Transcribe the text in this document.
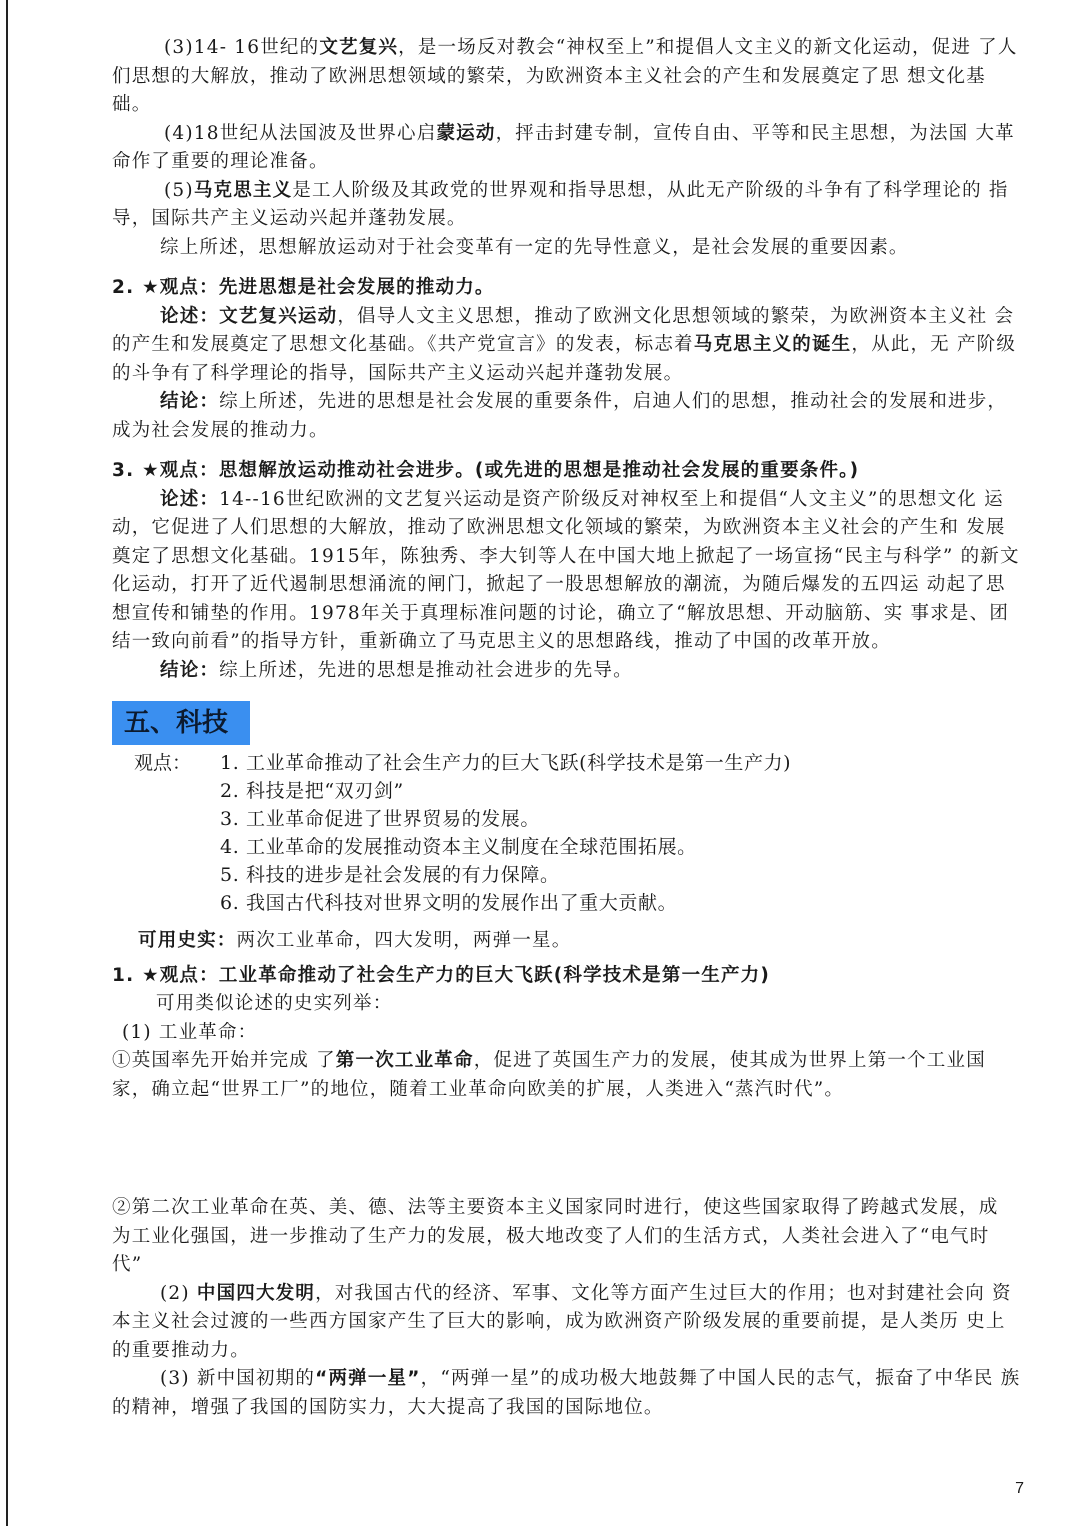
(3)14- 16世纪的文艺复兴，是一场反对教会“神权至上”和提倡人文主义的新文化运动，促进 了人们思想的大解放，推动了欧洲思想领域的繁荣，为欧洲资本主义社会的产生和发展奠定了思 想文化基础。

(4)18世纪从法国波及世界心启蒙运动，抨击封建专制，宣传自由、平等和民主思想，为法国 大革命作了重要的理论准备。

(5)马克思主义是工人阶级及其政党的世界观和指导思想，从此无产阶级的斗争有了科学理论的 指导，国际共产主义运动兴起并蓬勃发展。

综上所述，思想解放运动对于社会变革有一定的先导性意义，是社会发展的重要因素。

2. ★观点：先进思想是社会发展的推动力。

论述：文艺复兴运动，倡导人文主义思想，推动了欧洲文化思想领域的繁荣，为欧洲资本主义社 会的产生和发展奠定了思想文化基础。《共产党宣言》的发表，标志着马克思主义的诞生，从此，无 产阶级的斗争有了科学理论的指导，国际共产主义运动兴起并蓬勃发展。

结论：综上所述，先进的思想是社会发展的重要条件，启迪人们的思想，推动社会的发展和进步， 成为社会发展的推动力。

3. ★观点：思想解放运动推动社会进步。(或先进的思想是推动社会发展的重要条件。)

论述：14--16世纪欧洲的文艺复兴运动是资产阶级反对神权至上和提倡“人文主义”的思想文化 运动，它促进了人们思想的大解放，推动了欧洲思想文化领域的繁荣，为欧洲资本主义社会的产生和 发展奠定了思想文化基础。1915年，陈独秀、李大钊等人在中国大地上掀起了一场宣扬“民主与科学” 的新文化运动，打开了近代遏制思想涌流的闸门，掀起了一股思想解放的潮流，为随后爆发的五四运 动起了思想宣传和铺垫的作用。1978年关于真理标准问题的讨论，确立了“解放思想、开动脑筋、实 事求是、团结一致向前看”的指导方针，重新确立了马克思主义的思想路线，推动了中国的改革开放。

结论：综上所述，先进的思想是推动社会进步的先导。

五、科技
观点：	1. 工业革命推动了社会生产力的巨大飞跃(科学技术是第一生产力)
2. 科技是把“双刃剑”
3. 工业革命促进了世界贸易的发展。
4. 工业革命的发展推动资本主义制度在全球范围拓展。
5. 科技的进步是社会发展的有力保障。
6. 我国古代科技对世界文明的发展作出了重大贡献。

可用史实：两次工业革命，四大发明，两弹一星。

1. ★观点：工业革命推动了社会生产力的巨大飞跃(科学技术是第一生产力)

可用类似论述的史实列举：

(1) 工业革命：

①英国率先开始并完成 了第一次工业革命，促进了英国生产力的发展，使其成为世界上第一个工业国 家，确立起“世界工厂”的地位，随着工业革命向欧美的扩展，人类进入“蒸汽时代”。

②第二次工业革命在英、美、德、法等主要资本主义国家同时进行，使这些国家取得了跨越式发展，成 为工业化强国，进一步推动了生产力的发展，极大地改变了人们的生活方式，人类社会进入了“电气时 代”

(2) 中国四大发明，对我国古代的经济、军事、文化等方面产生过巨大的作用；也对封建社会向 资本主义社会过渡的一些西方国家产生了巨大的影响，成为欧洲资产阶级发展的重要前提，是人类历 史上的重要推动力。

(3) 新中国初期的“两弹一星”，“两弹一星”的成功极大地鼓舞了中国人民的志气，振奋了中华民 族的精神，增强了我国的国防实力，大大提高了我国的国际地位。

7
